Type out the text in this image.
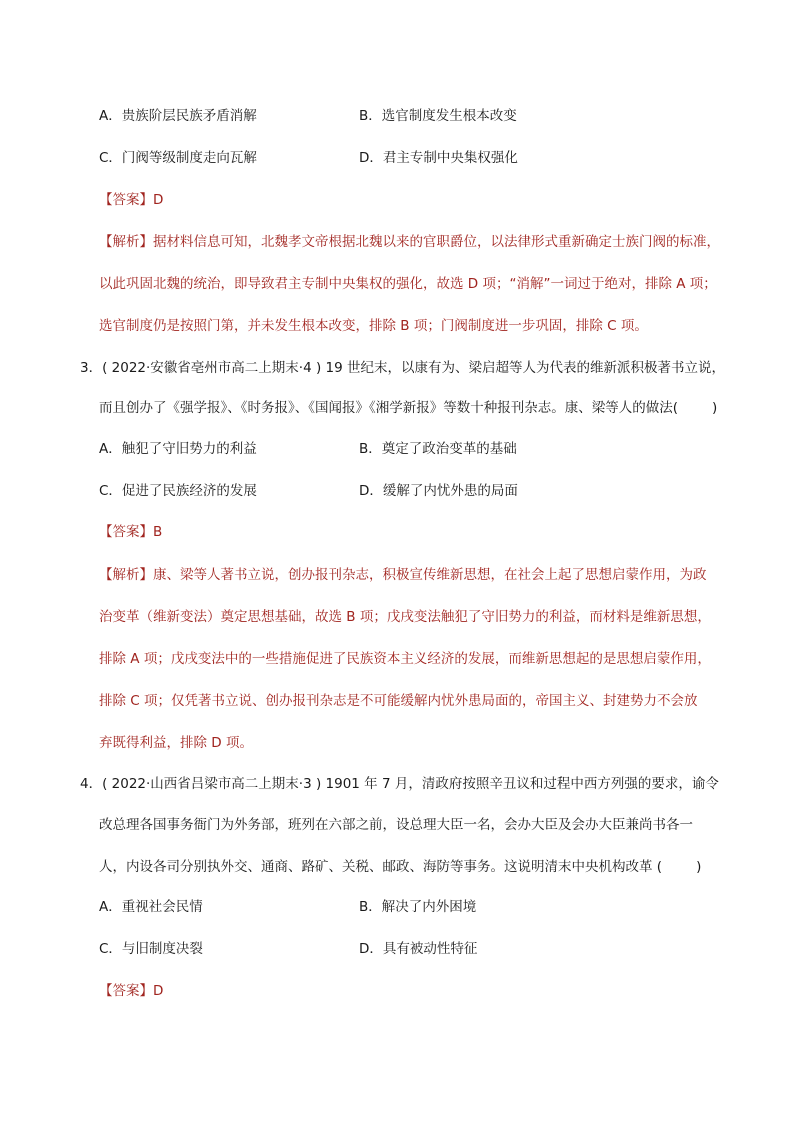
A．贵族阶层民族矛盾消解	B．选官制度发生根本改变
C．门阀等级制度走向瓦解	D．君主专制中央集权强化
【答案】D
【解析】据材料信息可知，北魏孝文帝根据北魏以来的官职爵位，以法律形式重新确定士族门阀的标准，
以此巩固北魏的统治，即导致君主专制中央集权的强化，故选 D 项；“消解”一词过于绝对，排除 A 项；
选官制度仍是按照门第，并未发生根本改变，排除 B 项；门阀制度进一步巩固，排除 C 项。
3．( 2022·安徽省亳州市高二上期末·4 ) 19 世纪末，以康有为、梁启超等人为代表的维新派积极著书立说，
而且创办了《强学报》、《时务报》、《国闻报》《湘学新报》等数十种报刊杂志。康、梁等人的做法(	)
A．触犯了守旧势力的利益	B．奠定了政治变革的基础
C．促进了民族经济的发展	D．缓解了内忧外患的局面
【答案】B
【解析】康、梁等人著书立说，创办报刊杂志，积极宣传维新思想，在社会上起了思想启蒙作用，为政
治变革（维新变法）奠定思想基础，故选 B 项；戊戌变法触犯了守旧势力的利益，而材料是维新思想，
排除 A 项；戊戌变法中的一些措施促进了民族资本主义经济的发展，而维新思想起的是思想启蒙作用，
排除 C 项；仅凭著书立说、创办报刊杂志是不可能缓解内忧外患局面的，帝国主义、封建势力不会放
弃既得利益，排除 D 项。
4．( 2022·山西省吕梁市高二上期末·3 ) 1901 年 7 月，清政府按照辛丑议和过程中西方列强的要求，谕令
改总理各国事务衙门为外务部，班列在六部之前，设总理大臣一名，会办大臣及会办大臣兼尚书各一
人，内设各司分别执外交、通商、路矿、关税、邮政、海防等事务。这说明清末中央机构改革 (	)
A．重视社会民情	B．解决了内外困境
C．与旧制度决裂	D．具有被动性特征
【答案】D
